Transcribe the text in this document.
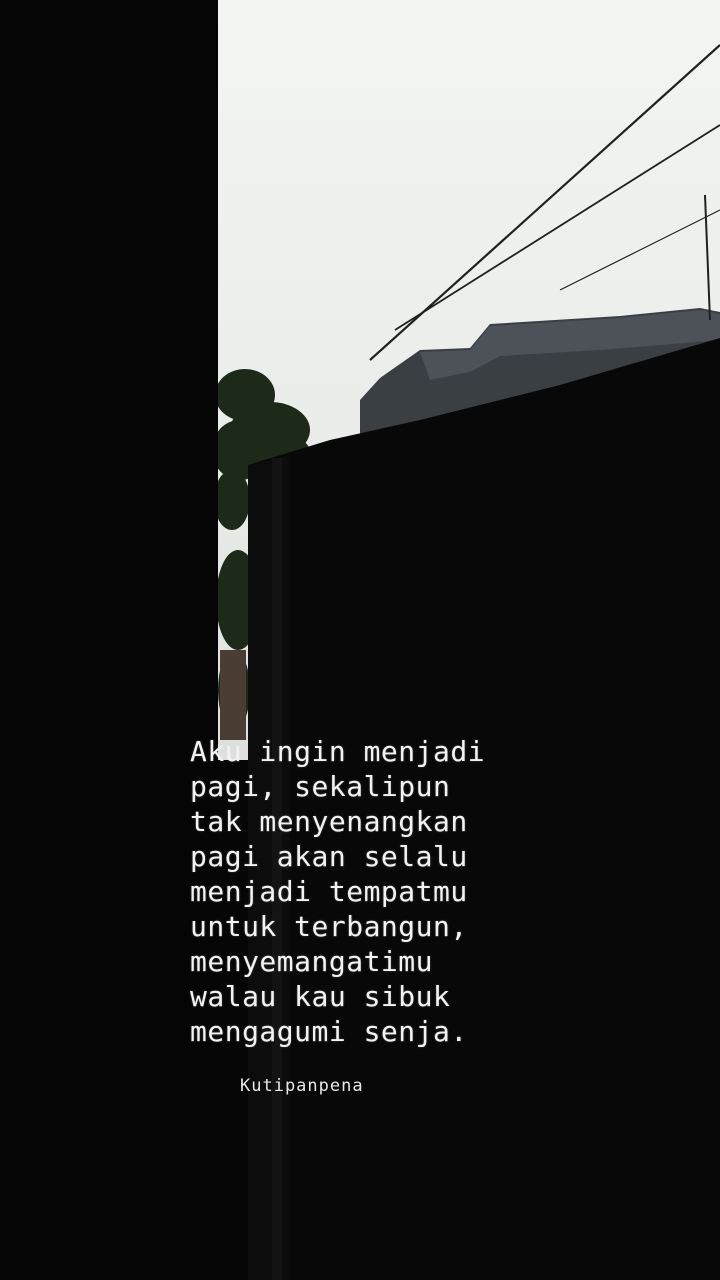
Aku ingin menjadi
pagi, sekalipun
tak menyenangkan
pagi akan selalu
menjadi tempatmu
untuk terbangun,
menyemangatimu
walau kau sibuk
mengagumi senja.
Kutipanpena
